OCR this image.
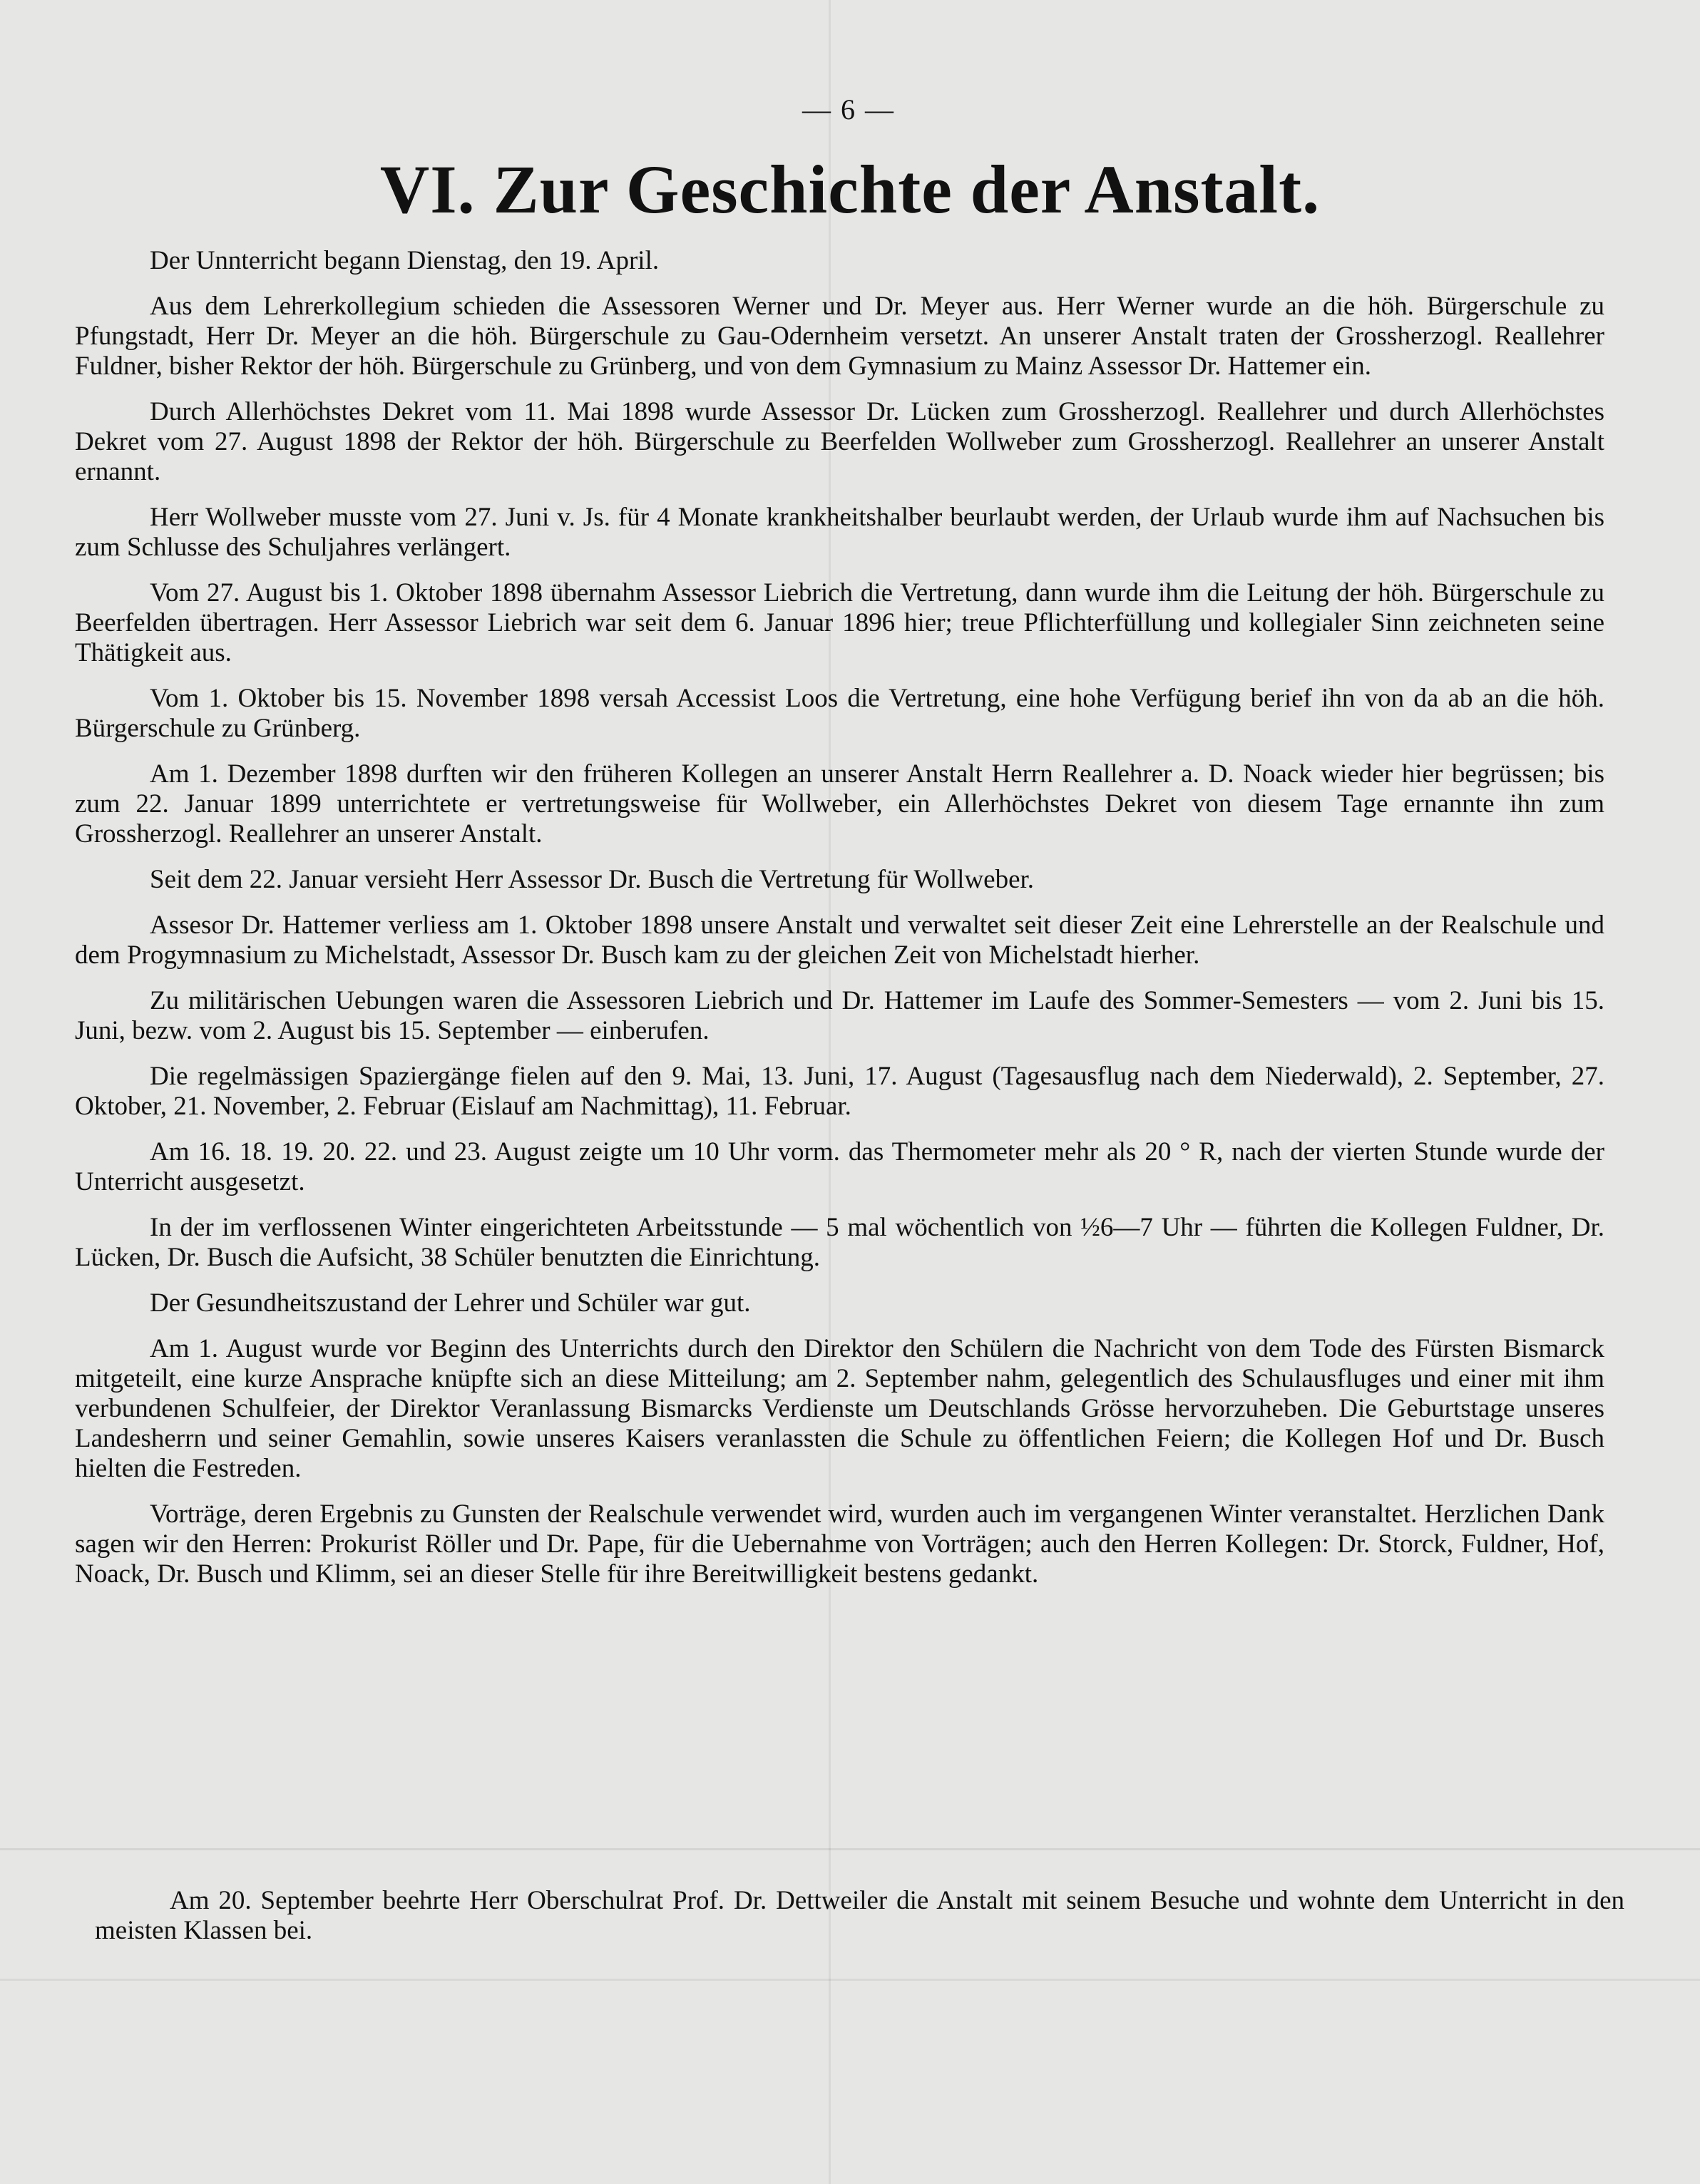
— 6 —
VI. Zur Geschichte der Anstalt.

Der Unnterricht begann Dienstag, den 19. April.

Aus dem Lehrerkollegium schieden die Assessoren Werner und Dr. Meyer aus. Herr Werner wurde an die höh. Bürgerschule zu Pfungstadt, Herr Dr. Meyer an die höh. Bürgerschule zu Gau-Odernheim versetzt. An unserer Anstalt traten der Grossherzogl. Reallehrer Fuldner, bisher Rektor der höh. Bürgerschule zu Grünberg, und von dem Gymnasium zu Mainz Assessor Dr. Hattemer ein.

Durch Allerhöchstes Dekret vom 11. Mai 1898 wurde Assessor Dr. Lücken zum Grossherzogl. Reallehrer und durch Allerhöchstes Dekret vom 27. August 1898 der Rektor der höh. Bürgerschule zu Beerfelden Wollweber zum Grossherzogl. Reallehrer an unserer Anstalt ernannt.

Herr Wollweber musste vom 27. Juni v. Js. für 4 Monate krankheitshalber beurlaubt werden, der Urlaub wurde ihm auf Nachsuchen bis zum Schlusse des Schuljahres verlängert.

Vom 27. August bis 1. Oktober 1898 übernahm Assessor Liebrich die Vertretung, dann wurde ihm die Leitung der höh. Bürgerschule zu Beerfelden übertragen. Herr Assessor Liebrich war seit dem 6. Januar 1896 hier; treue Pflichterfüllung und kollegialer Sinn zeichneten seine Thätigkeit aus.

Vom 1. Oktober bis 15. November 1898 versah Accessist Loos die Vertretung, eine hohe Verfügung berief ihn von da ab an die höh. Bürgerschule zu Grünberg.

Am 1. Dezember 1898 durften wir den früheren Kollegen an unserer Anstalt Herrn Reallehrer a. D. Noack wieder hier begrüssen; bis zum 22. Januar 1899 unterrichtete er vertretungsweise für Wollweber, ein Allerhöchstes Dekret von diesem Tage ernannte ihn zum Grossherzogl. Reallehrer an unserer Anstalt.

Seit dem 22. Januar versieht Herr Assessor Dr. Busch die Vertretung für Wollweber.

Assesor Dr. Hattemer verliess am 1. Oktober 1898 unsere Anstalt und verwaltet seit dieser Zeit eine Lehrerstelle an der Realschule und dem Progymnasium zu Michelstadt, Assessor Dr. Busch kam zu der gleichen Zeit von Michelstadt hierher.

Zu militärischen Uebungen waren die Assessoren Liebrich und Dr. Hattemer im Laufe des Sommer-Semesters — vom 2. Juni bis 15. Juni, bezw. vom 2. August bis 15. September — einberufen.

Die regelmässigen Spaziergänge fielen auf den 9. Mai, 13. Juni, 17. August (Tagesausflug nach dem Niederwald), 2. September, 27. Oktober, 21. November, 2. Februar (Eislauf am Nachmittag), 11. Februar.

Am 16. 18. 19. 20. 22. und 23. August zeigte um 10 Uhr vorm. das Thermometer mehr als 20 ° R, nach der vierten Stunde wurde der Unterricht ausgesetzt.

In der im verflossenen Winter eingerichteten Arbeitsstunde — 5 mal wöchentlich von ½6—7 Uhr — führten die Kollegen Fuldner, Dr. Lücken, Dr. Busch die Aufsicht, 38 Schüler benutzten die Einrichtung.

Der Gesundheitszustand der Lehrer und Schüler war gut.

Am 1. August wurde vor Beginn des Unterrichts durch den Direktor den Schülern die Nachricht von dem Tode des Fürsten Bismarck mitgeteilt, eine kurze Ansprache knüpfte sich an diese Mitteilung; am 2. September nahm, gelegentlich des Schulausfluges und einer mit ihm verbundenen Schulfeier, der Direktor Veranlassung Bismarcks Verdienste um Deutschlands Grösse hervorzuheben. Die Geburtstage unseres Landesherrn und seiner Gemahlin, sowie unseres Kaisers veranlassten die Schule zu öffentlichen Feiern; die Kollegen Hof und Dr. Busch hielten die Festreden.

Vorträge, deren Ergebnis zu Gunsten der Realschule verwendet wird, wurden auch im vergangenen Winter veranstaltet. Herzlichen Dank sagen wir den Herren: Prokurist Röller und Dr. Pape, für die Uebernahme von Vorträgen; auch den Herren Kollegen: Dr. Storck, Fuldner, Hof, Noack, Dr. Busch und Klimm, sei an dieser Stelle für ihre Bereitwilligkeit bestens gedankt.

Am 20. September beehrte Herr Oberschulrat Prof. Dr. Dettweiler die Anstalt mit seinem Besuche und wohnte dem Unterricht in den meisten Klassen bei.
